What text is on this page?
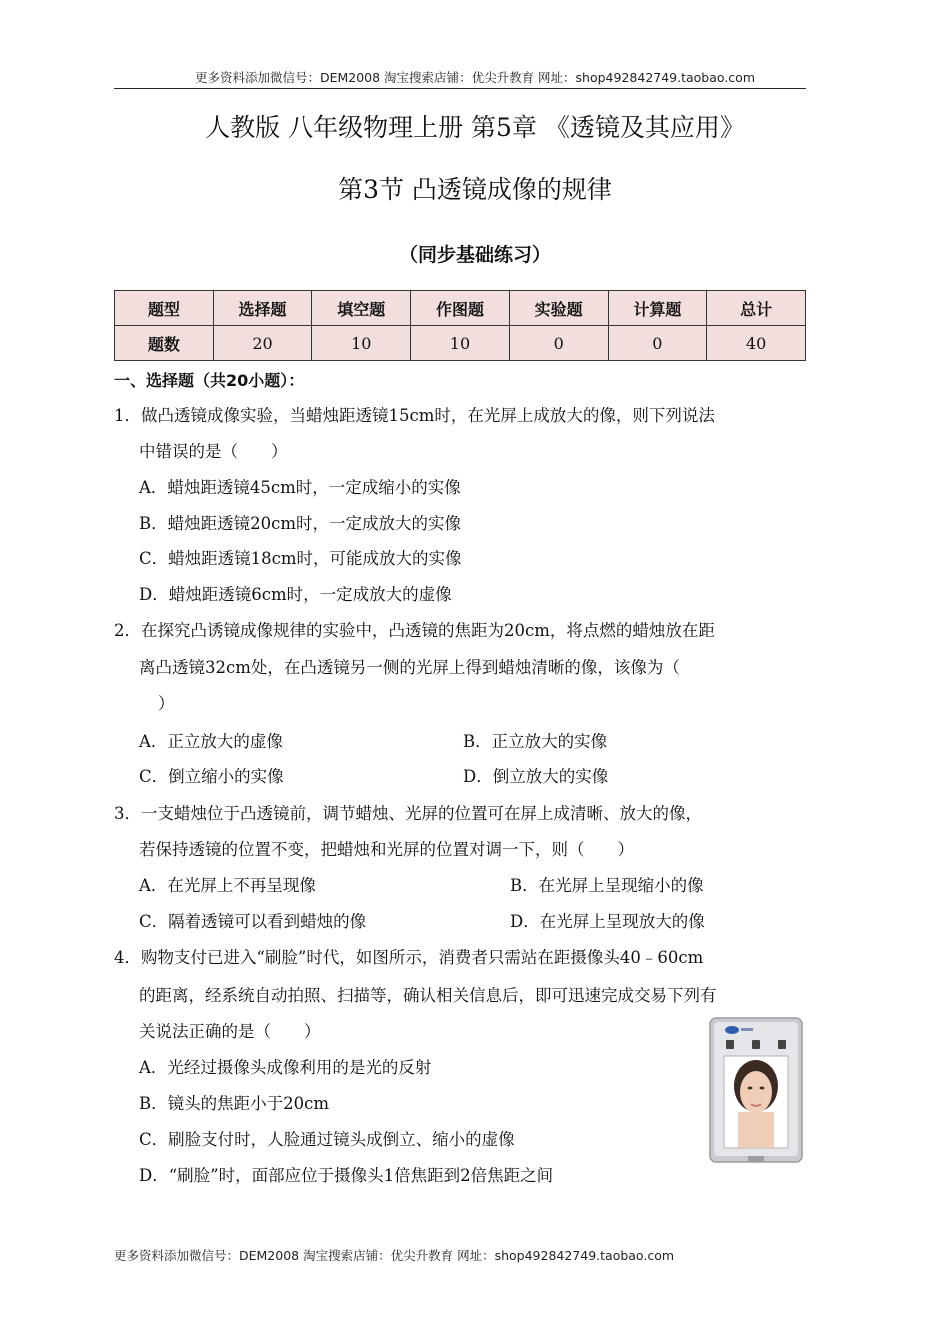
更多资料添加微信号：DEM2008 淘宝搜索店铺：优尖升教育 网址：shop492842749.taobao.com
人教版 八年级物理上册 第5章 《透镜及其应用》
第3节 凸透镜成像的规律
（同步基础练习）
题型	选择题	填空题	作图题	实验题	计算题	总计
题数	20	10	10	0	0	40
一、选择题（共20小题）：
1．做凸透镜成像实验，当蜡烛距透镜15cm时，在光屏上成放大的像，则下列说法
中错误的是（　　）
A．蜡烛距透镜45cm时，一定成缩小的实像
B．蜡烛距透镜20cm时，一定成放大的实像
C．蜡烛距透镜18cm时，可能成放大的实像
D．蜡烛距透镜6cm时，一定成放大的虚像
2．在探究凸诱镜成像规律的实验中，凸透镜的焦距为20cm，将点燃的蜡烛放在距
离凸透镜32cm处，在凸透镜另一侧的光屏上得到蜡烛清晰的像，该像为（
）
A．正立放大的虚像	B．正立放大的实像
C．倒立缩小的实像	D．倒立放大的实像
3．一支蜡烛位于凸透镜前，调节蜡烛、光屏的位置可在屏上成清晰、放大的像，
若保持透镜的位置不变，把蜡烛和光屏的位置对调一下，则（　　）
A．在光屏上不再呈现像	B．在光屏上呈现缩小的像
C．隔着透镜可以看到蜡烛的像	D．在光屏上呈现放大的像
4．购物支付已进入“刷脸”时代，如图所示，消费者只需站在距摄像头40﹣60cm
的距离，经系统自动拍照、扫描等，确认相关信息后，即可迅速完成交易下列有
关说法正确的是（　　）
A．光经过摄像头成像利用的是光的反射
B．镜头的焦距小于20cm
C．刷脸支付时，人脸通过镜头成倒立、缩小的虚像
D．“刷脸”时，面部应位于摄像头1倍焦距到2倍焦距之间
更多资料添加微信号：DEM2008 淘宝搜索店铺：优尖升教育 网址：shop492842749.taobao.com
